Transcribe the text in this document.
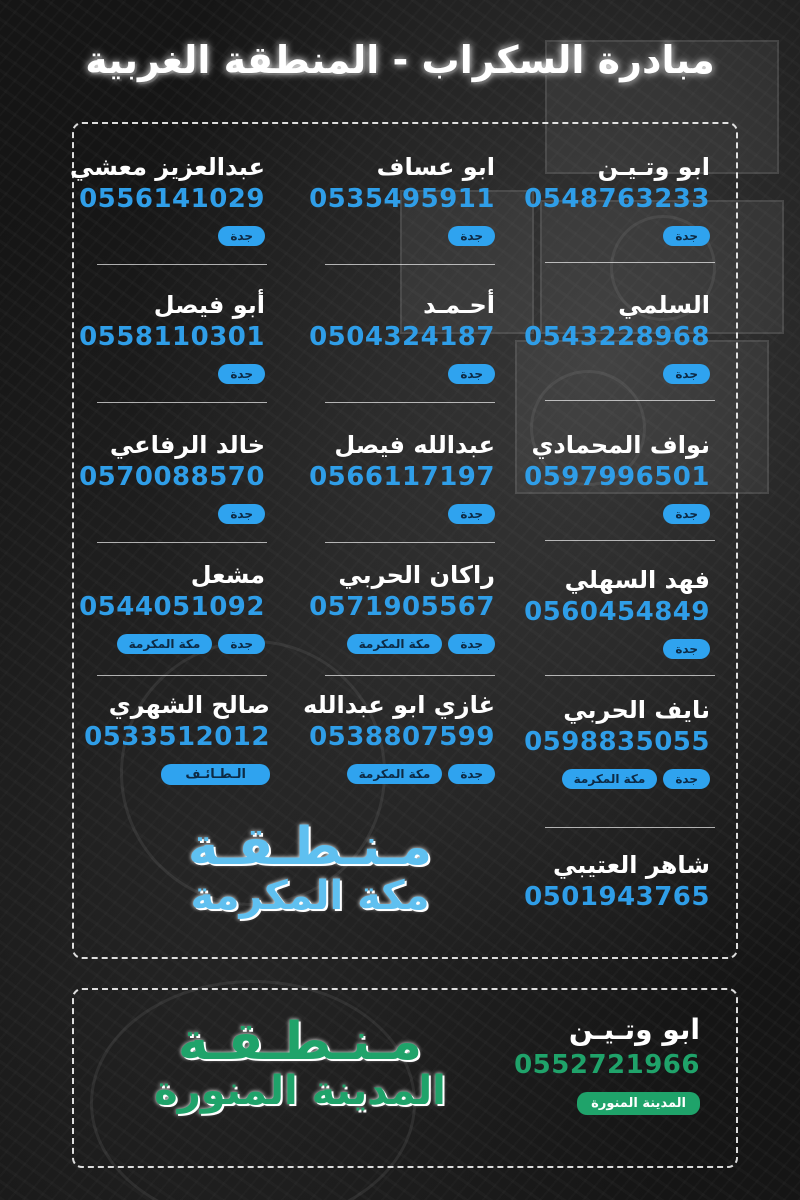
مبادرة السكراب - المنطقة الغربية
ابو وتـيـن
0548763233
جدة
ابو عساف
0535495911
جدة
عبدالعزيز معشي
0556141029
جدة
السلمي
0543228968
جدة
أحـمـد
0504324187
جدة
أبو فيصل
0558110301
جدة
نواف المحمادي
0597996501
جدة
عبدالله فيصل
0566117197
جدة
خالد الرفاعي
0570088570
جدة
فهد السهلي
0560454849
جدة
راكان الحربي
0571905567
جدة
مكة المكرمة
مشعل
0544051092
جدة
مكة المكرمة
نايف الحربي
0598835055
جدة
مكة المكرمة
غازي ابو عبدالله
0538807599
جدة
مكة المكرمة
صالح الشهري
0533512012
الـطـائـف
شاهر العتيبي
0501943765
مـنـطـقـة
مكة المكرمة
مـنـطـقـة
المدينة المنورة
ابو وتـيـن
0552721966
المدينة المنورة
